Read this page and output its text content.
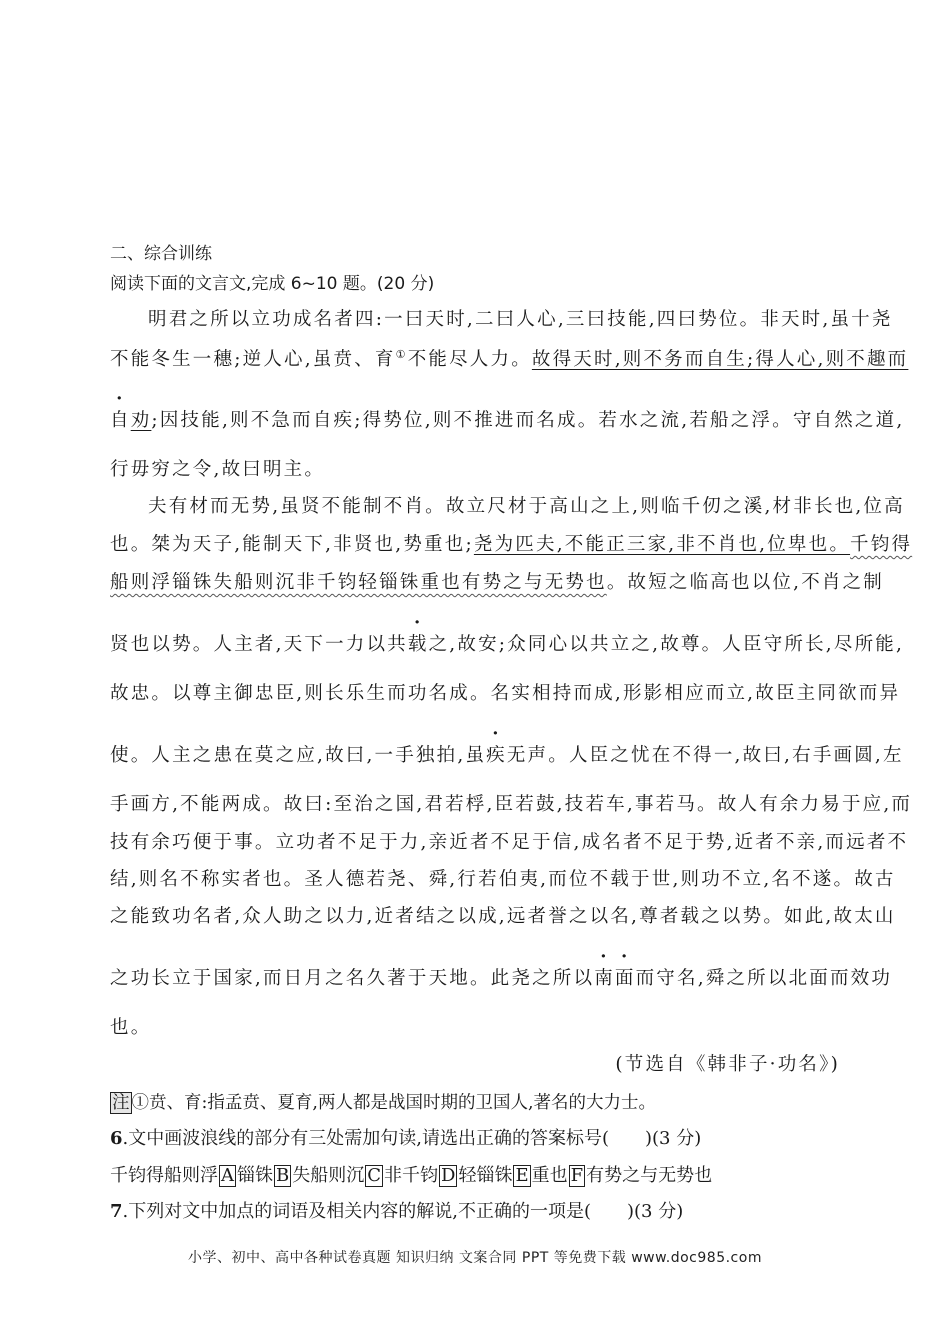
二、综合训练
阅读下面的文言文,完成 6~10 题。(20 分)
明君之所以立功成名者四:一曰天时,二曰人心,三曰技能,四曰势位。非天时,虽十尧
不能冬生一穗;逆人心,虽贲、育①不能尽人力。故得天时,则不务而自生;得人心,则不趣而
自劝;因技能,则不急而自疾;得势位,则不推进而名成。若水之流,若船之浮。守自然之道,
行毋穷之令,故曰明主。
夫有材而无势,虽贤不能制不肖。故立尺材于高山之上,则临千仞之溪,材非长也,位高
也。桀为天子,能制天下,非贤也,势重也;尧为匹夫,不能正三家,非不肖也,位卑也。千钧得
船则浮锱铢失船则沉非千钧轻锱铢重也有势之与无势也。故短之临高也以位,不肖之制
贤也以势。人主者,天下一力以共载之,故安;众同心以共立之,故尊。人臣守所长,尽所能,
故忠。以尊主御忠臣,则长乐生而功名成。名实相持而成,形影相应而立,故臣主同欲而异
使。人主之患在莫之应,故曰,一手独拍,虽疾无声。人臣之忧在不得一,故曰,右手画圆,左
手画方,不能两成。故曰:至治之国,君若桴,臣若鼓,技若车,事若马。故人有余力易于应,而
技有余巧便于事。立功者不足于力,亲近者不足于信,成名者不足于势,近者不亲,而远者不
结,则名不称实者也。圣人德若尧、舜,行若伯夷,而位不载于世,则功不立,名不遂。故古
之能致功名者,众人助之以力,近者结之以成,远者誉之以名,尊者载之以势。如此,故太山
之功长立于国家,而日月之名久著于天地。此尧之所以南面而守名,舜之所以北面而效功
也。
(节选自《韩非子·功名》)
注 ①贲、育:指孟贲、夏育,两人都是战国时期的卫国人,著名的大力士。
6.文中画波浪线的部分有三处需加句读,请选出正确的答案标号(　　)(3 分)
千钧得船则浮 A 锱铢 B 失船则沉 C 非千钧 D 轻锱铢 E 重也 F 有势之与无势也
7.下列对文中加点的词语及相关内容的解说,不正确的一项是(　　)(3 分)
小学、初中、高中各种试卷真题 知识归纳 文案合同 PPT 等免费下载 www.doc985.com
